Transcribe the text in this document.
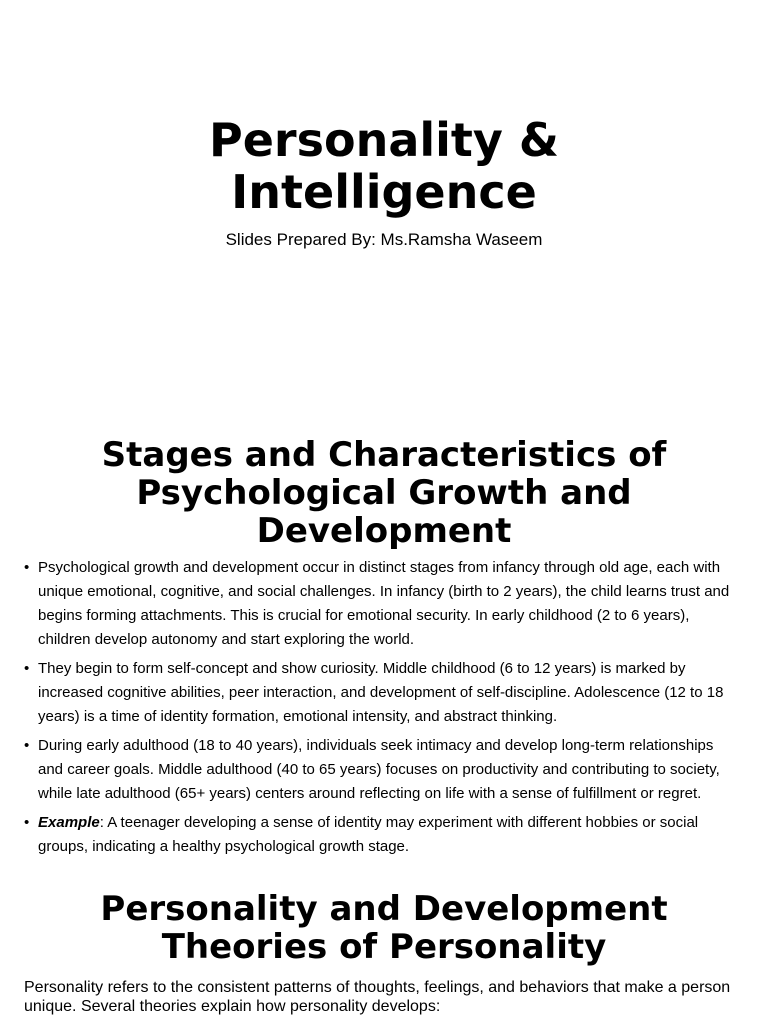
Personality &
Intelligence
Slides Prepared By: Ms.Ramsha Waseem
Stages and Characteristics of
Psychological Growth and
Development
• Psychological growth and development occur in distinct stages from infancy through old age, each with unique emotional, cognitive, and social challenges. In infancy (birth to 2 years), the child learns trust and begins forming attachments. This is crucial for emotional security. In early childhood (2 to 6 years), children develop autonomy and start exploring the world.
• They begin to form self-concept and show curiosity. Middle childhood (6 to 12 years) is marked by increased cognitive abilities, peer interaction, and development of self-discipline. Adolescence (12 to 18 years) is a time of identity formation, emotional intensity, and abstract thinking.
• During early adulthood (18 to 40 years), individuals seek intimacy and develop long-term relationships and career goals. Middle adulthood (40 to 65 years) focuses on productivity and contributing to society, while late adulthood (65+ years) centers around reflecting on life with a sense of fulfillment or regret.
• Example: A teenager developing a sense of identity may experiment with different hobbies or social groups, indicating a healthy psychological growth stage.
Personality and Development
Theories of Personality

Personality refers to the consistent patterns of thoughts, feelings, and behaviors that make a person unique. Several theories explain how personality develops:
